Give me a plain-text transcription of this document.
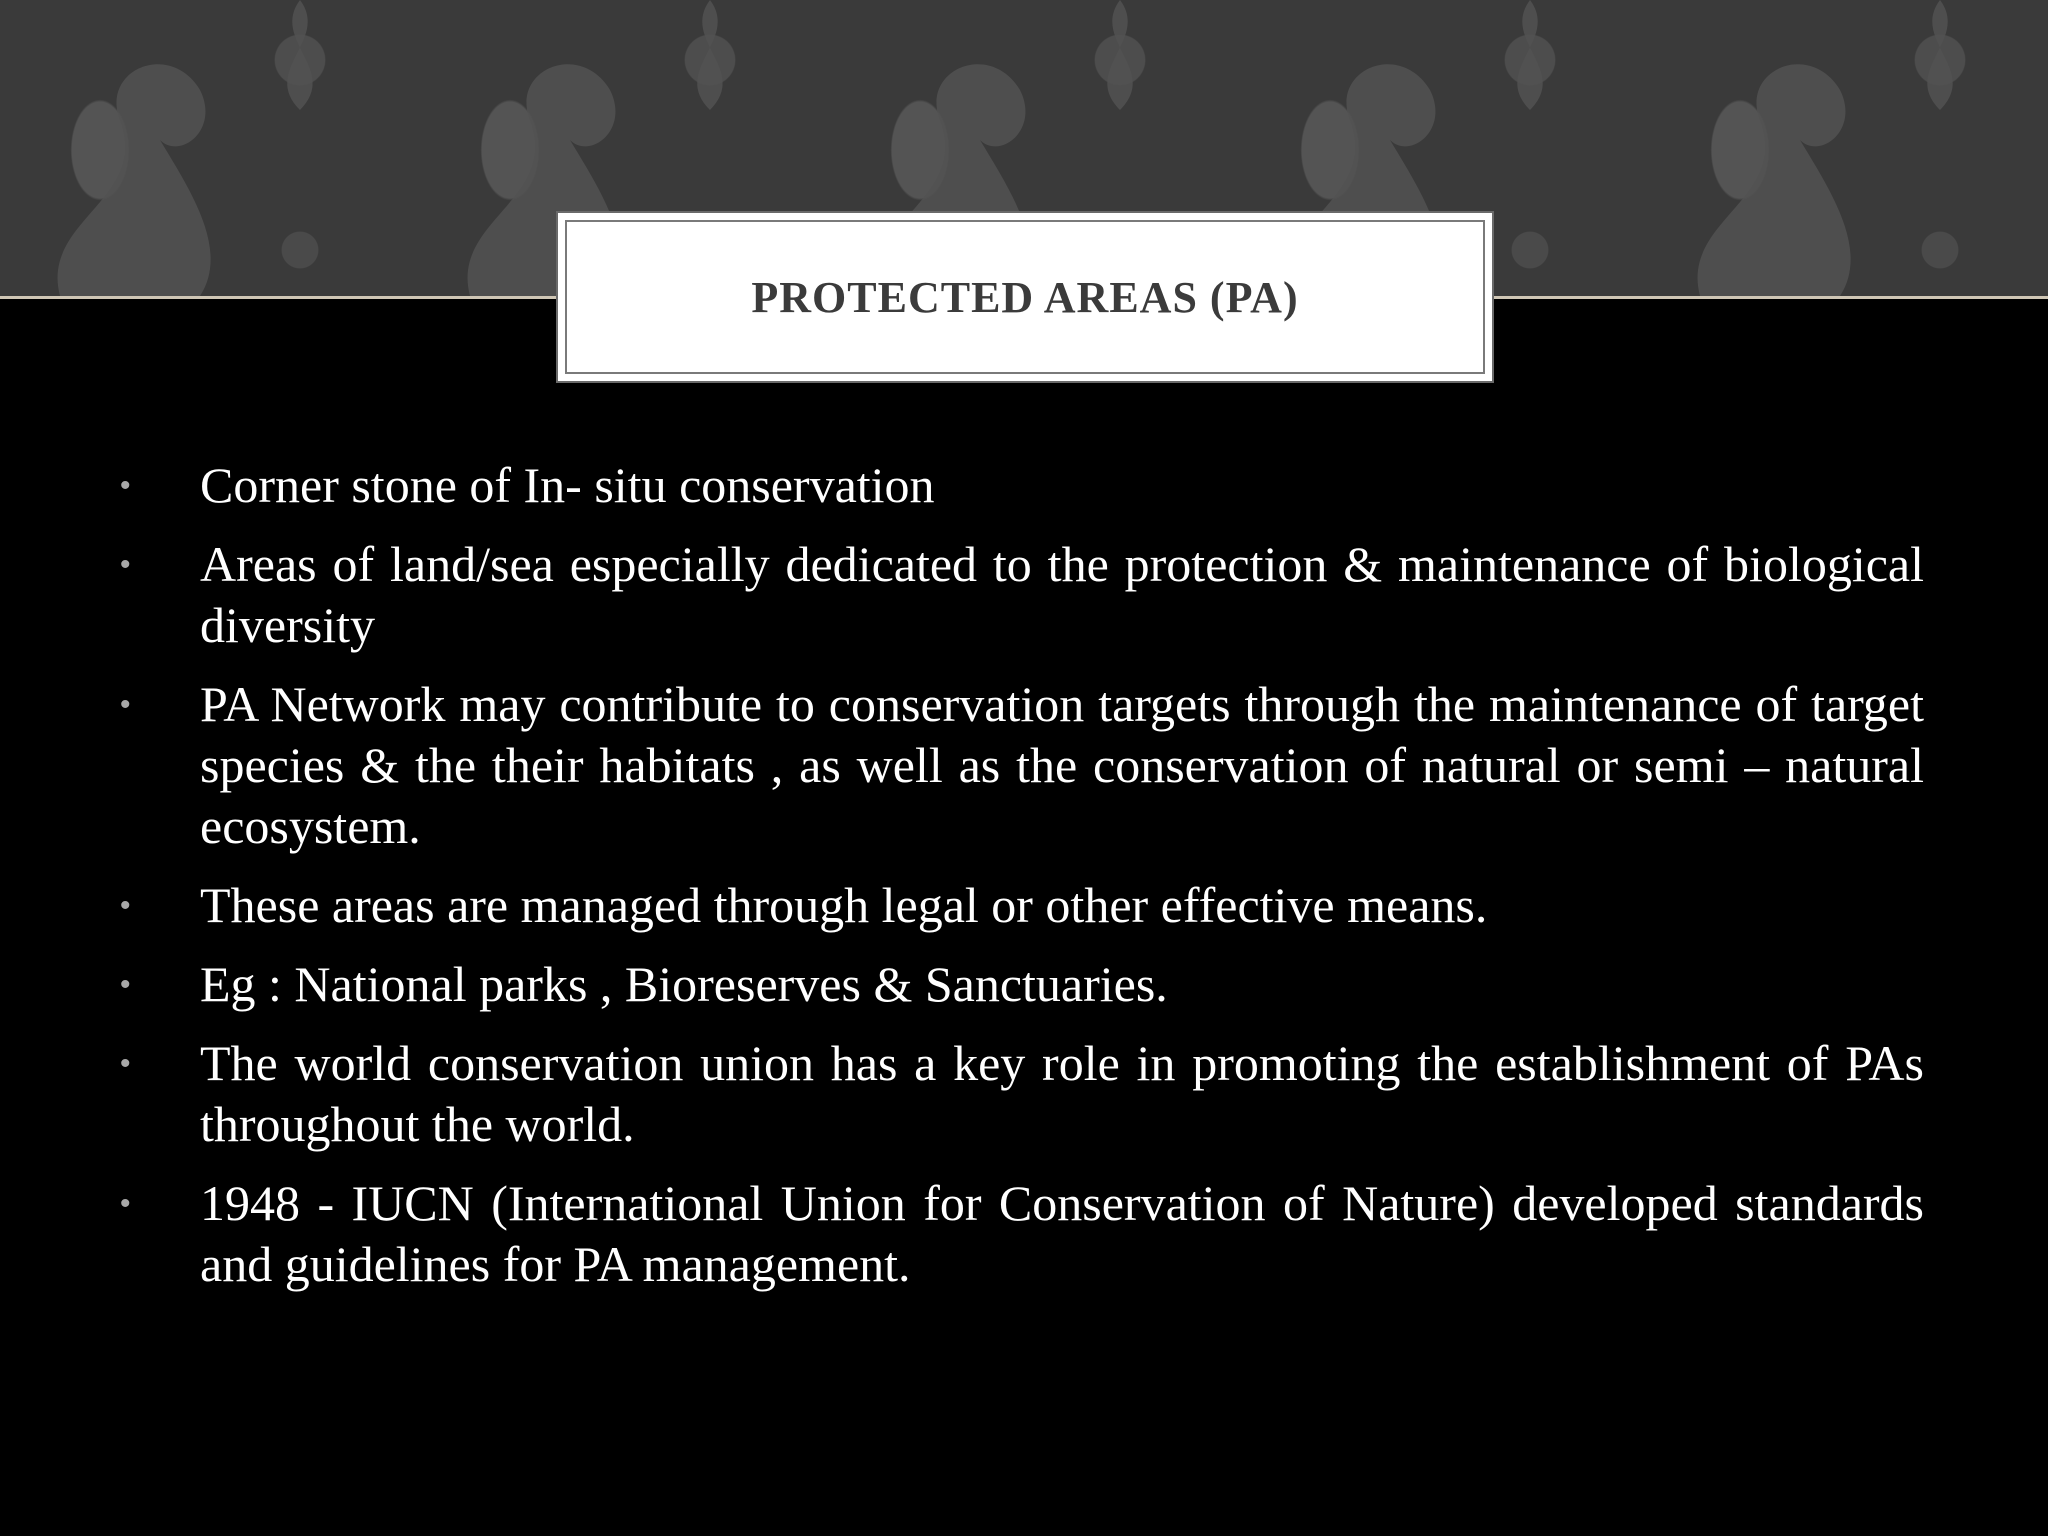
PROTECTED AREAS (PA)
• Corner stone of In- situ conservation
• Areas of land/sea especially dedicated to the protection & maintenance of biological diversity
• PA Network may contribute to conservation targets through the maintenance of target species & the their habitats , as well as the conservation of natural or semi – natural ecosystem.
• These areas are managed through legal or other effective means.
• Eg : National parks , Bioreserves & Sanctuaries.
• The world conservation union has a key role in promoting the establishment of PAs throughout the world.
• 1948 - IUCN (International Union for Conservation of Nature) developed standards and guidelines for PA management.
